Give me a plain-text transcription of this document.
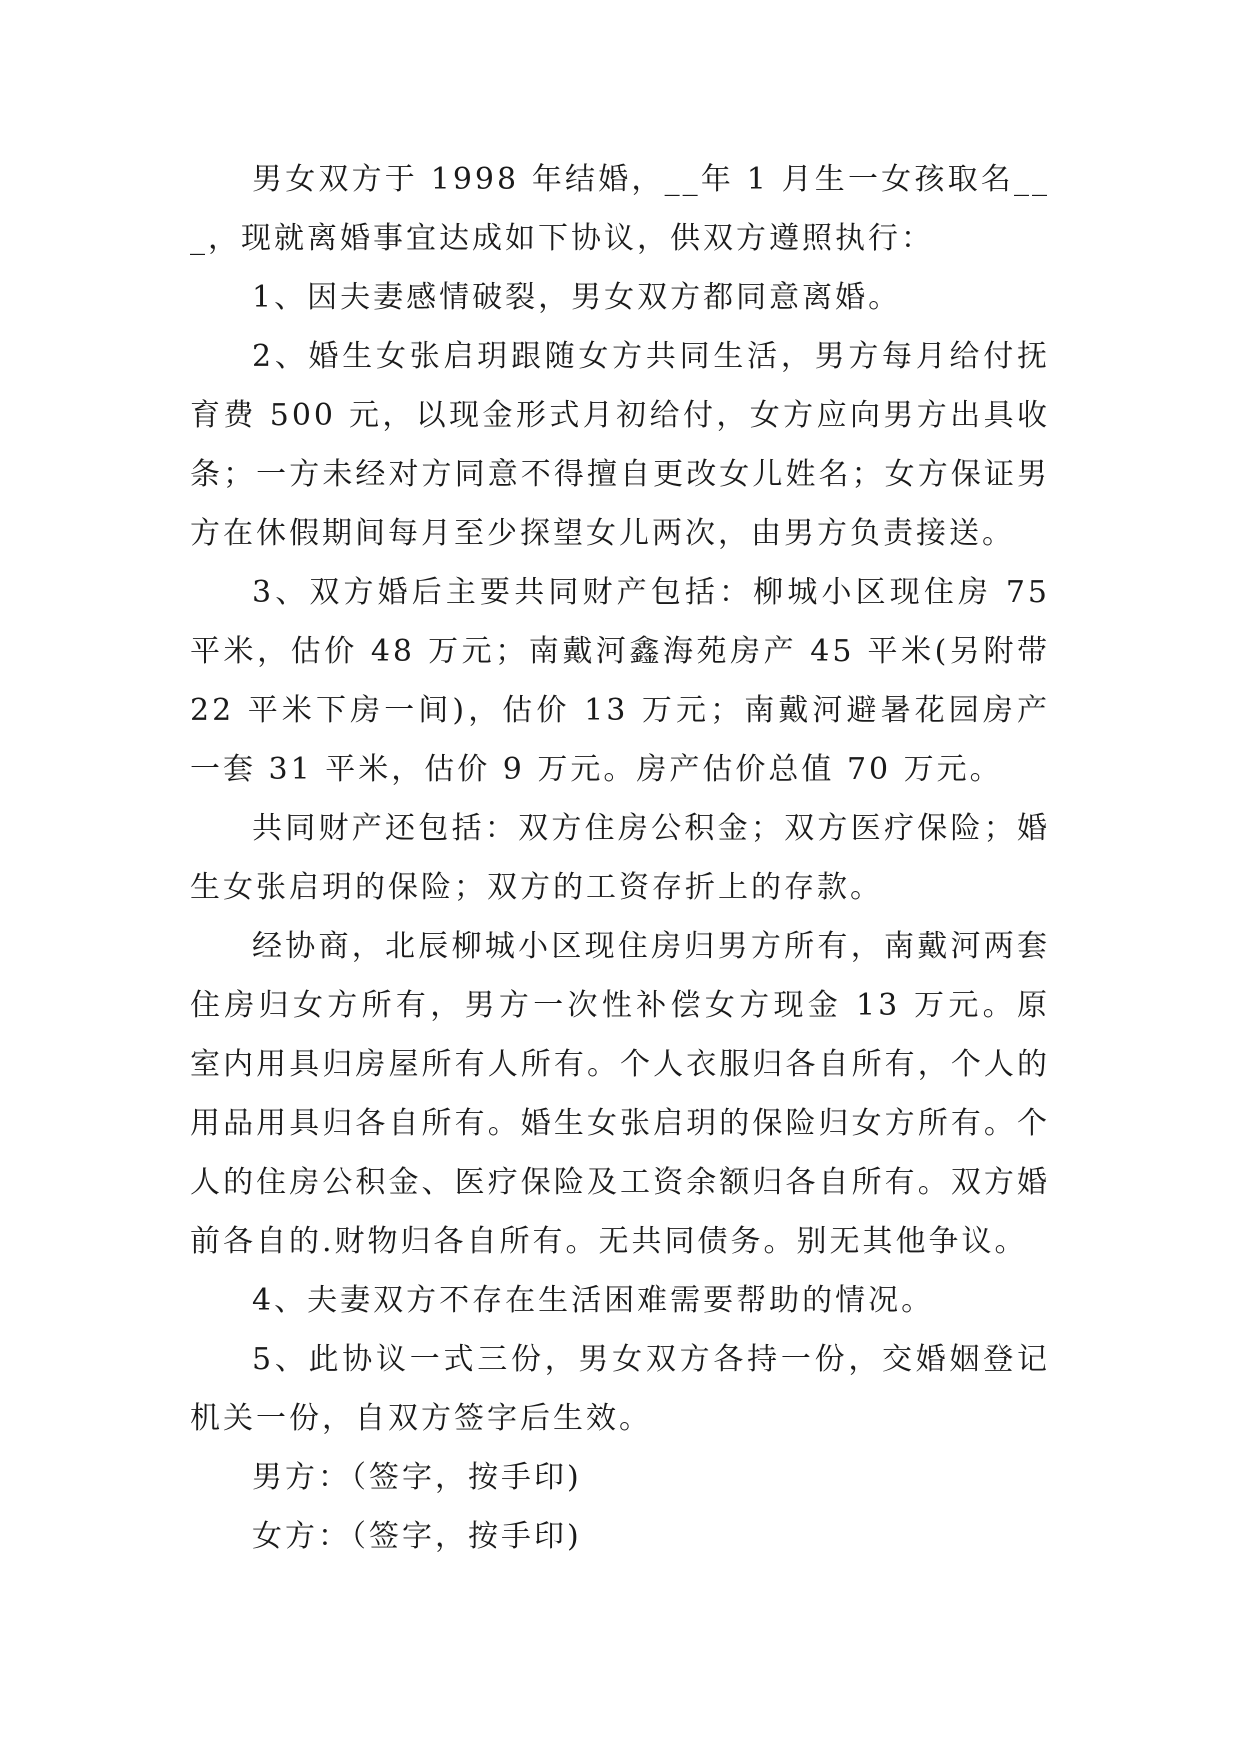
男女双方于 1998 年结婚，__年 1 月生一女孩取名___，现就离婚事宜达成如下协议，供双方遵照执行：

1、因夫妻感情破裂，男女双方都同意离婚。

2、婚生女张启玥跟随女方共同生活，男方每月给付抚育费 500 元，以现金形式月初给付，女方应向男方出具收条；一方未经对方同意不得擅自更改女儿姓名；女方保证男方在休假期间每月至少探望女儿两次，由男方负责接送。

3、双方婚后主要共同财产包括：柳城小区现住房 75 平米，估价 48 万元；南戴河鑫海苑房产 45 平米(另附带 22 平米下房一间)，估价 13 万元；南戴河避暑花园房产一套 31 平米，估价 9 万元。房产估价总值 70 万元。

共同财产还包括：双方住房公积金；双方医疗保险；婚生女张启玥的保险；双方的工资存折上的存款。

经协商，北辰柳城小区现住房归男方所有，南戴河两套住房归女方所有，男方一次性补偿女方现金 13 万元。原室内用具归房屋所有人所有。个人衣服归各自所有，个人的用品用具归各自所有。婚生女张启玥的保险归女方所有。个人的住房公积金、医疗保险及工资余额归各自所有。双方婚前各自的.财物归各自所有。无共同债务。别无其他争议。

4、夫妻双方不存在生活困难需要帮助的情况。

5、此协议一式三份，男女双方各持一份，交婚姻登记机关一份，自双方签字后生效。

男方：（签字，按手印)

女方：（签字，按手印)
